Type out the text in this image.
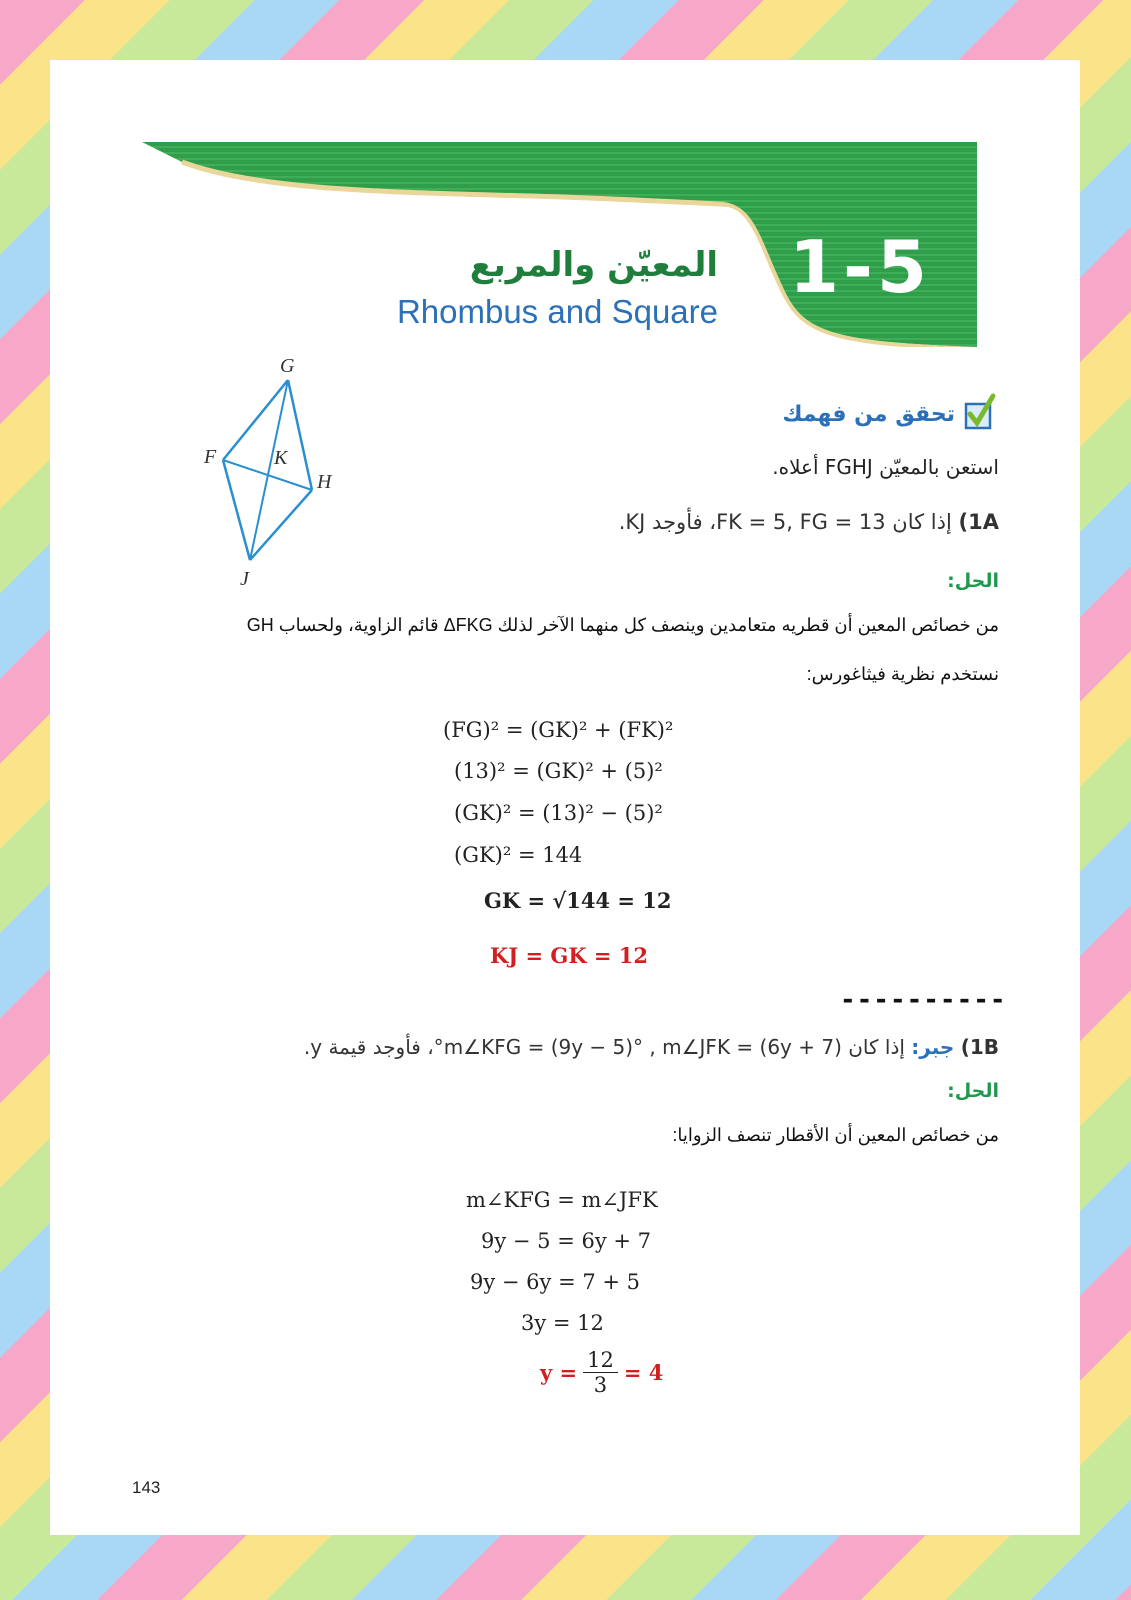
1-5
المعيّن والمربع
Rhombus and Square
G
F	K
H
J
تحقق من فهمك
استعن بالمعيّن FGHJ أعلاه.
1A) إذا كان FK = 5, FG = 13، فأوجد KJ.
الحل:
من خصائص المعين أن قطريه متعامدين وينصف كل منهما الآخر لذلك ΔFKG قائم الزاوية، ولحساب GH
نستخدم نظرية فيثاغورس:
(FG)² = (GK)² + (FK)²
(13)² = (GK)² + (5)²
(GK)² = (13)² − (5)²
(GK)² = 144
GK = √144 = 12
KJ = GK = 12
----------
1B) جبر: إذا كان m∠KFG = (9y − 5)° , m∠JFK = (6y + 7)°، فأوجد قيمة y.
الحل:
من خصائص المعين أن الأقطار تنصف الزوايا:
m∠KFG = m∠JFK
9y − 5 = 6y + 7
9y − 6y = 7 + 5
3y = 12
$y = \frac{12}{3} = 4$
143
